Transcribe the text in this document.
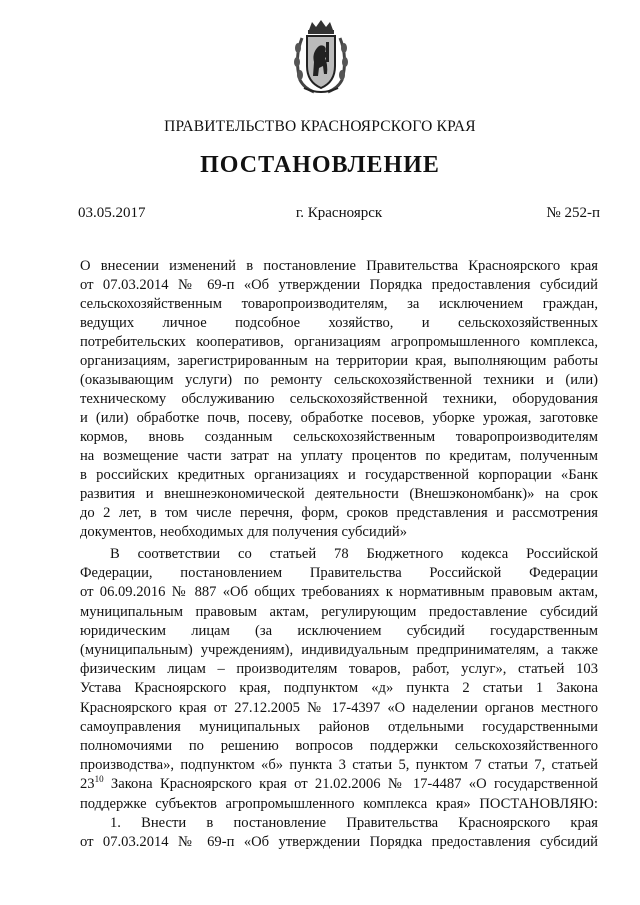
ПРАВИТЕЛЬСТВО КРАСНОЯРСКОГО КРАЯ
ПОСТАНОВЛЕНИЕ
03.05.2017	г. Красноярск	№ 252-п
О внесении изменений в постановление Правительства Красноярского края
от 07.03.2014 № 69-п «Об утверждении Порядка предоставления субсидий
сельскохозяйственным товаропроизводителям, за исключением граждан,
ведущих личное подсобное хозяйство, и сельскохозяйственных
потребительских кооперативов, организациям агропромышленного комплекса,
организациям, зарегистрированным на территории края, выполняющим работы
(оказывающим услуги) по ремонту сельскохозяйственной техники и (или)
техническому обслуживанию сельскохозяйственной техники, оборудования
и (или) обработке почв, посеву, обработке посевов, уборке урожая, заготовке
кормов, вновь созданным сельскохозяйственным товаропроизводителям
на возмещение части затрат на уплату процентов по кредитам, полученным
в российских кредитных организациях и государственной корпорации «Банк
развития и внешнеэкономической деятельности (Внешэкономбанк)» на срок
до 2 лет, в том числе перечня, форм, сроков представления и рассмотрения
документов, необходимых для получения субсидий»
В соответствии со статьей 78 Бюджетного кодекса Российской
Федерации, постановлением Правительства Российской Федерации
от 06.09.2016 № 887 «Об общих требованиях к нормативным правовым актам,
муниципальным правовым актам, регулирующим предоставление субсидий
юридическим лицам (за исключением субсидий государственным
(муниципальным) учреждениям), индивидуальным предпринимателям, а также
физическим лицам – производителям товаров, работ, услуг», статьей 103
Устава Красноярского края, подпунктом «д» пункта 2 статьи 1 Закона
Красноярского края от 27.12.2005 № 17-4397 «О наделении органов местного
самоуправления муниципальных районов отдельными государственными
полномочиями по решению вопросов поддержки сельскохозяйственного
производства», подпунктом «б» пункта 3 статьи 5, пунктом 7 статьи 7, статьей
$23^{10}$ Закона Красноярского края от 21.02.2006 № 17-4487 «О государственной
поддержке субъектов агропромышленного комплекса края» ПОСТАНОВЛЯЮ:
1. Внести в постановление Правительства Красноярского края
от 07.03.2014 № 69-п «Об утверждении Порядка предоставления субсидий
